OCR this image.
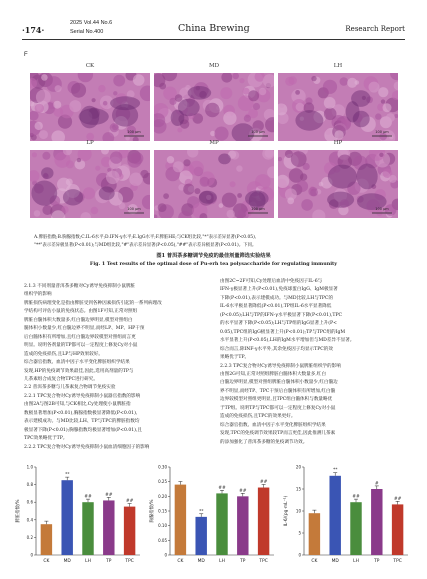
·174·
2025 Vol.44 No.6
Serial No.400	China Brewing	Research Report
F
CK
100 μm
MD
100 μm
LH
100 μm
LP
100 μm
MP
100 μm
HP
100 μm
A.脾脏指数;B.胸腺指数;C.IL-6水平;D.IFN-γ水平;E.IgG水平;F.脾脏HE;与CK组比较,"*"表示差异显著(P<0.05),
"**"表示差异极显著(P<0.01);与MD组比较,"#"表示差异显著(P<0.05),"##"表示差异极显著(P<0.01)。下同。
图1 普洱茶多糖调节免疫的最佳剂量筛选实验结果
Fig. 1 Test results of the optimal dose of Pu-erh tea polysaccharide for regulating immunity
2.1.3 不同剂量普洱茶多糖对Cy诱导免疫抑制小鼠脾脏
组织学的影响
脾脏损伤病理变化是指由脾脏受到各种因素损伤引起的一系列病理改
学结构可评估小鼠的免疫状态。由图1F可知,正常对照组
脾脏白髓体积大数量多,红白髓边界明显,模型对照组白
髓体积小数量少,红白髓边界不明显,而经LP、MP、HP干预
后白髓体积有所增加,且红白髓边界较模型对照组而言更
明显。说明各剂量的TP都可以一定程度上修复Cy对小鼠
造成的免疫损伤,且LP与HP效果较好。
综合器官指数、血清中因子水平变化脾脏组织学结果
发现,HP的免疫调节效果最佳,因此,选用高剂量的TP与
儿茶素组合成复合物TPC进行研究。
2.2 普洱茶多糖与儿茶素复合物调节免疫实验
2.2.1 TPC复合物对Cy诱导免疫抑制小鼠器官指数的影响
由图2A与图2B可知,与CK相比,Cy处理使小鼠脾脏指
数极显著增加(P<0.01),胸腺指数极显著降低(P<0.01),
表示建模成功。与MD比较,LH、TP与TPC的脾脏指数均
极显著下降(P<0.01);胸腺指数均极显著增加(P<0.01),且
TPC效果略优于TP。
2.2.2 TPC复合物对Cy诱导免疫抑制小鼠血清细胞因子的影响
由图2C~2F可知,Cy处理后血清中免疫因子IL-6与
IFN-γ极显著上升(P<0.01),免疫球蛋白IgG、IgM极显著
下降(P<0.01),表示建模成功。与MD比较,LH与TPC的
IL-6水平极显著降低(P<0.01),TP组IL-6水平显著降低
(P<0.05);LH与TP的IFN-γ水平极显著下降(P<0.01),TPC
的水平显著下降(P<0.05);LH与TP组的IgG显著上升(P<
0.05),TPC组的IgG极显著上升(P<0.01);TP与TPC组的IgM
水平显著上升(P<0.05),LH的IgM水平增加但与MD差异不显著。
综合而言,除INF-γ水平外,其余免疫因子均显示TPC的效
果略优于TP。
2.2.3 TPC复合物对Cy诱导免疫抑制小鼠脾脏组织学的影响
由图2G可知,正常对照组脾脏白髓体积大数量多,红白
白髓边界明显,模型对照组脾脏白髓体积小数量少,红白髓边
界不明显,而经TP、TPC干预后白髓体积有所增加,红白髓
边界较模型对照组更明显,且TPC组白髓体积与数量略优
于TP组。说明TP与TPC都可以一定程度上修复Cy对小鼠
造成的免疫损伤,且TPC的效果更好。
综合器官指数、血清中因子水平变化脾脏组织学结果
发现,TPC的免疫调节效果较TP而言更佳,因此推测儿茶素
的添加强化了普洱茶多糖的免疫调节功效。
0
0.2
0.4
0.6
0.8
1.0
脾脏指数/%
CK
**
MD
##
LH
##
TP
##
TPC
0
0.05
0.10
0.15
0.20
0.25
0.30
胸腺指数/%
CK
**
MD
##
LH
##
TP
##
TPC
0
5
10
15
20
IL-6/(pg·mL⁻¹)
CK
**
MD
##
LH
#
TP
##
TPC
